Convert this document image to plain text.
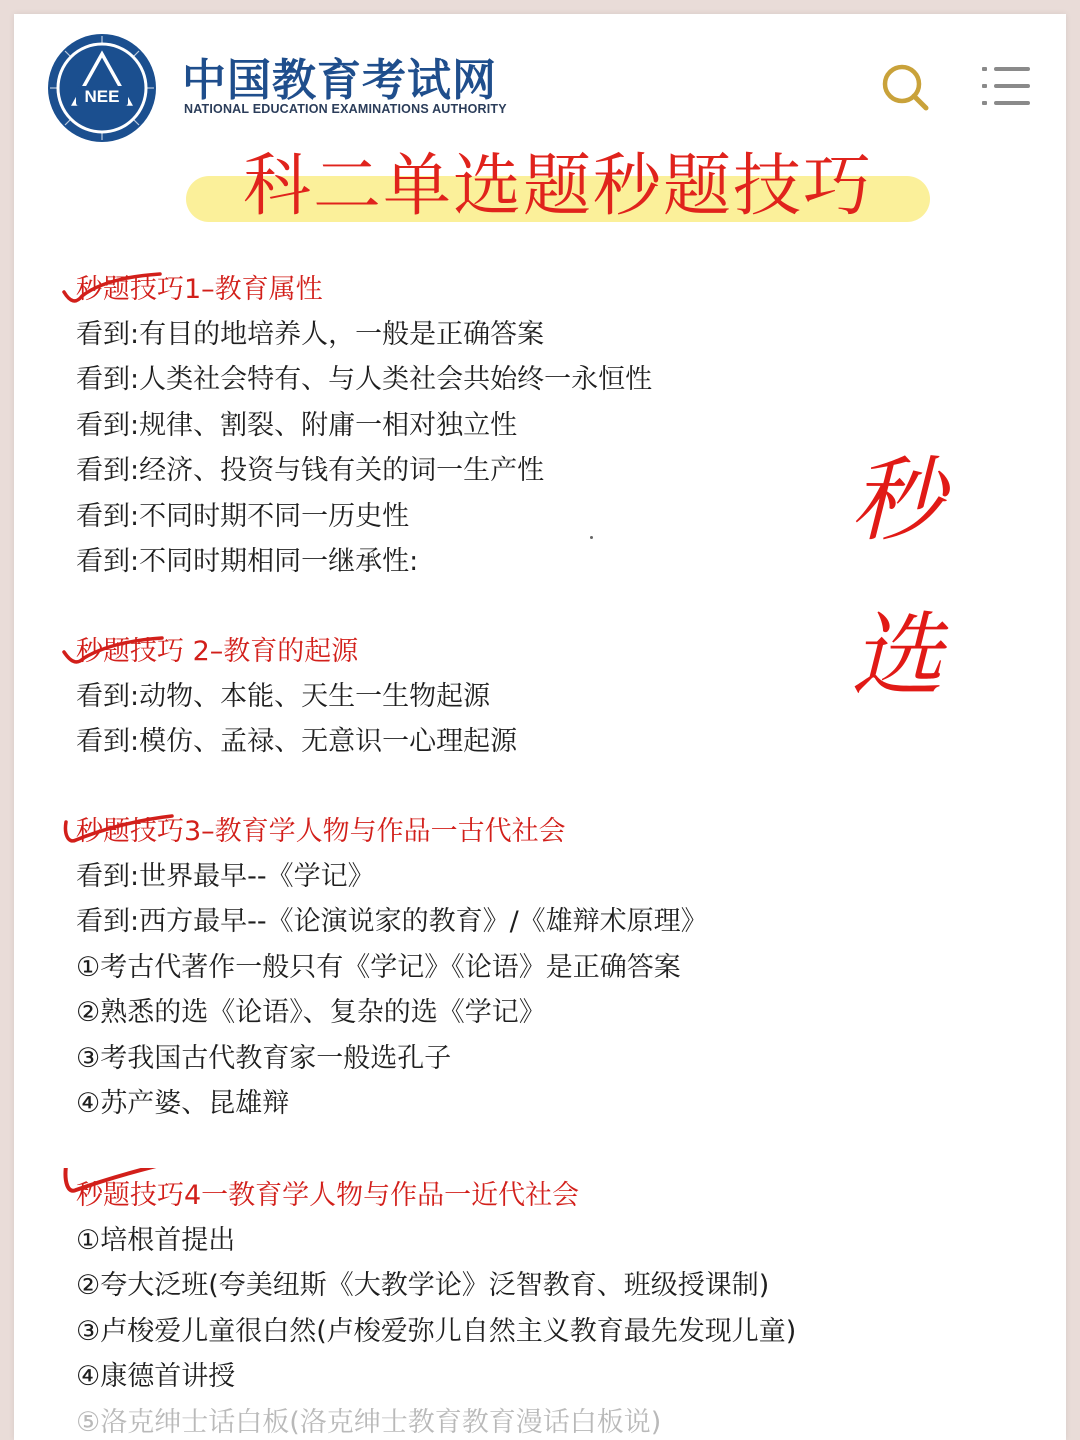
NEE 中国教育考试网
NATIONAL EDUCATION EXAMINATIONS AUTHORITY
科二单选题秒题技巧
秒题技巧1–教育属性
看到:有目的地培养人，一般是正确答案
看到:人类社会特有、与人类社会共始终一永恒性
看到:规律、割裂、附庸一相对独立性
看到:经济、投资与钱有关的词一生产性
看到:不同时期不同一历史性
看到:不同时期相同一继承性:
秒题技巧 2–教育的起源
看到:动物、本能、天生一生物起源
看到:模仿、孟禄、无意识一心理起源
秒题技巧3–教育学人物与作品一古代社会
看到:世界最早--《学记》
看到:西方最早--《论演说家的教育》/《雄辩术原理》
①考古代著作一般只有《学记》《论语》是正确答案
②熟悉的选《论语》、复杂的选《学记》
③考我国古代教育家一般选孔子
④苏产婆、昆雄辩
秒题技巧4一教育学人物与作品一近代社会
①培根首提出
②夸大泛班(夸美纽斯《大教学论》泛智教育、班级授课制)
③卢梭爱儿童很白然(卢梭爱弥儿自然主义教育最先发现儿童)
④康德首讲授
⑤洛克绅士话白板(洛克绅士教育教育漫话白板说)
秒
选
